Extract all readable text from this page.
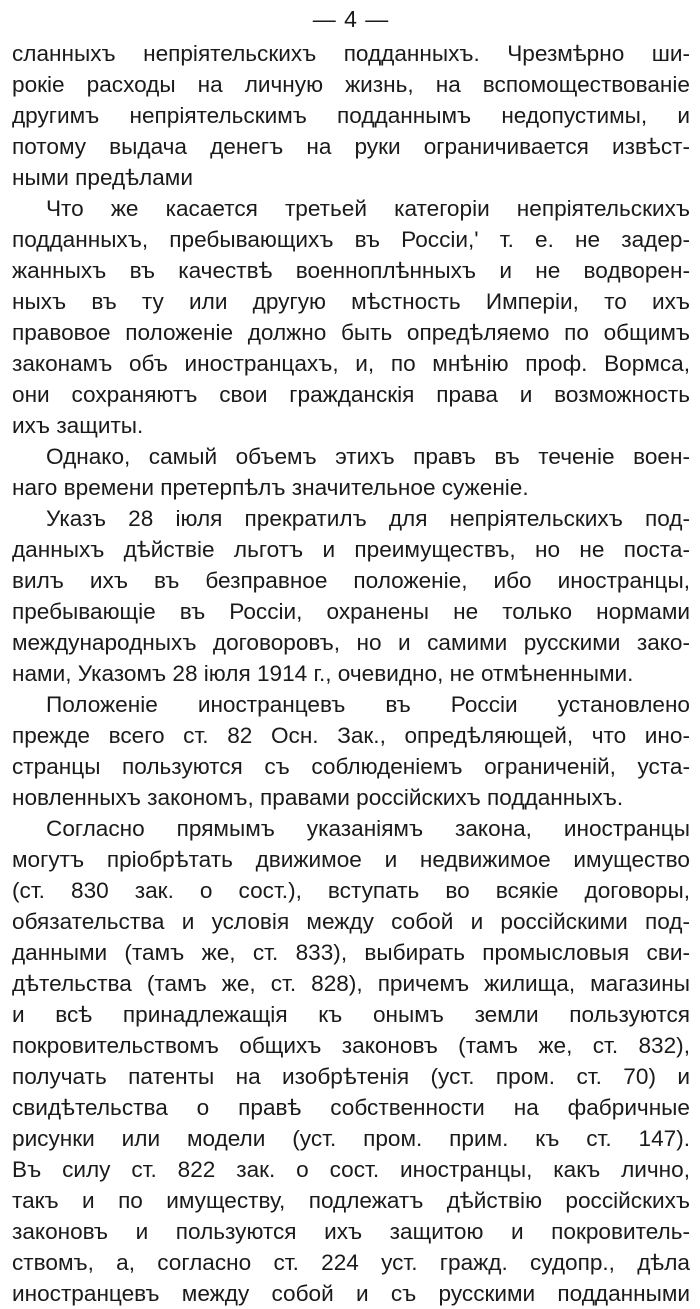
— 4 —
сланныхъ непріятельскихъ подданныхъ. Чрезмѣрно ши-
рокіе расходы на личную жизнь, на вспомоществованіе
другимъ непріятельскимъ подданнымъ недопустимы, и
потому выдача денегъ на руки ограничивается извѣст-
ными предѣлами
Что же касается третьей категоріи непріятельскихъ
подданныхъ, пребывающихъ въ Россіи,' т. е. не задер-
жанныхъ въ качествѣ военноплѣнныхъ и не водворен-
ныхъ въ ту или другую мѣстность Имперіи, то ихъ
правовое положеніе должно быть опредѣляемо по общимъ
законамъ объ иностранцахъ, и, по мнѣнію проф. Вормса,
они сохраняютъ свои гражданскія права и возможность
ихъ защиты.
Однако, самый объемъ этихъ правъ въ теченіе воен-
наго времени претерпѣлъ значительное суженіе.
Указъ 28 іюля прекратилъ для непріятельскихъ под-
данныхъ дѣйствіе льготъ и преимуществъ, но не поста-
вилъ ихъ въ безправное положеніе, ибо иностранцы,
пребывающіе въ Россіи, охранены не только нормами
международныхъ договоровъ, но и самими русскими зако-
нами, Указомъ 28 іюля 1914 г., очевидно, не отмѣненными.
Положеніе иностранцевъ въ Россіи установлено
прежде всего ст. 82 Осн. Зак., опредѣляющей, что ино-
странцы пользуются съ соблюденіемъ ограниченій, уста-
новленныхъ закономъ, правами россійскихъ подданныхъ.
Согласно прямымъ указаніямъ закона, иностранцы
могутъ пріобрѣтать движимое и недвижимое имущество
(ст. 830 зак. о сост.), вступать во всякіе договоры,
обязательства и условія между собой и россійскими под-
данными (тамъ же, ст. 833), выбирать промысловыя сви-
дѣтельства (тамъ же, ст. 828), причемъ жилища, магазины
и всѣ принадлежащія къ онымъ земли пользуются
покровительствомъ общихъ законовъ (тамъ же, ст. 832),
получать патенты на изобрѣтенія (уст. пром. ст. 70) и
свидѣтельства о правѣ собственности на фабричные
рисунки или модели (уст. пром. прим. къ ст. 147).
Въ силу ст. 822 зак. о сост. иностранцы, какъ лично,
такъ и по имуществу, подлежатъ дѣйствію россійскихъ
законовъ и пользуются ихъ защитою и покровитель-
ствомъ, а, согласно ст. 224 уст. гражд. судопр., дѣла
иностранцевъ между собой и съ русскими подданными
